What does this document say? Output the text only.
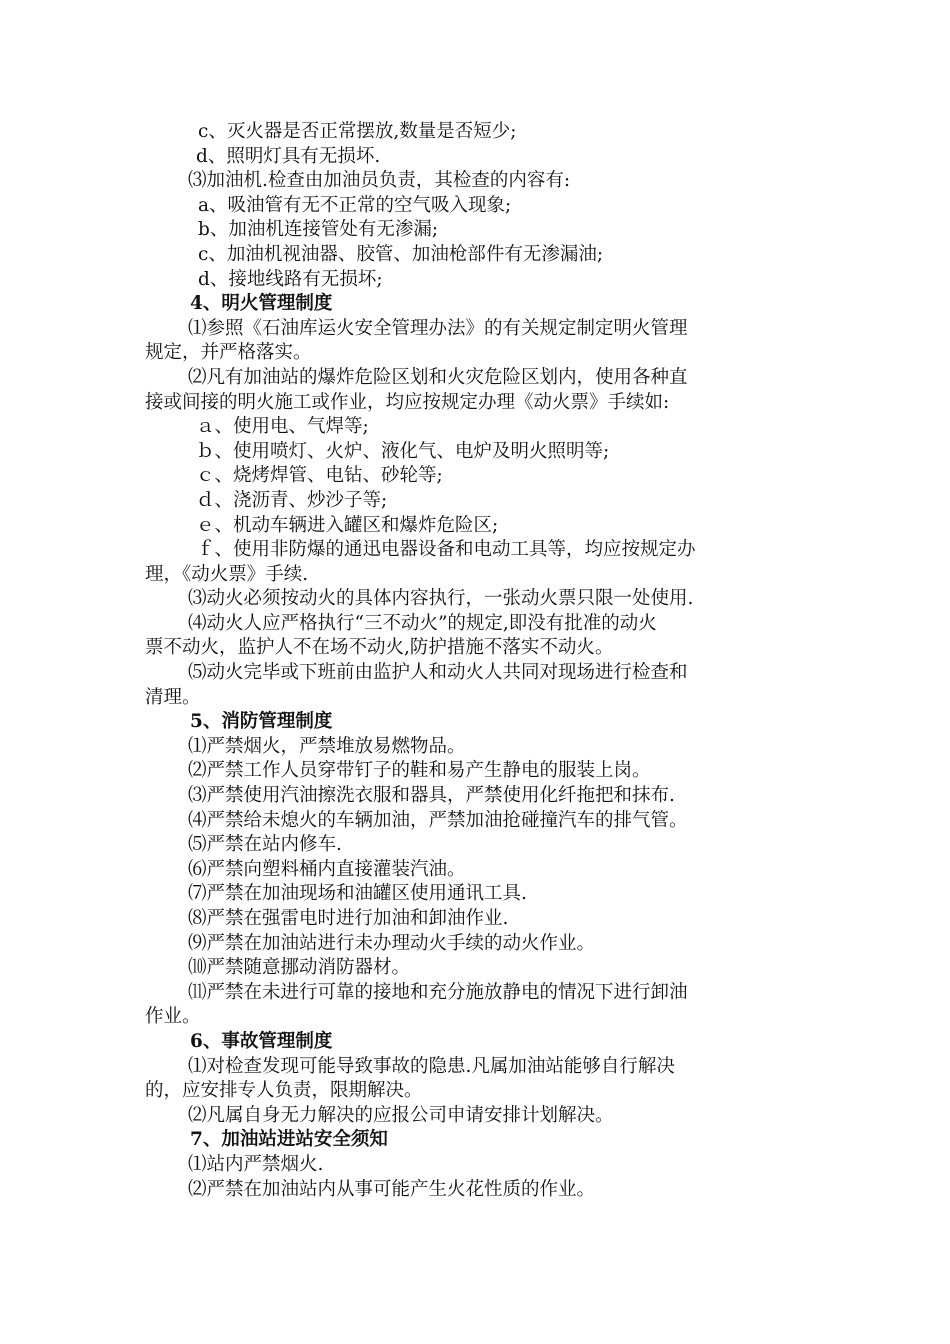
c、灭火器是否正常摆放,数量是否短少;
d、照明灯具有无损坏.
⑶加油机.检查由加油员负责，其检查的内容有:
a、吸油管有无不正常的空气吸入现象;
b、加油机连接管处有无渗漏;
c、加油机视油器、胶管、加油枪部件有无渗漏油;
d、接地线路有无损坏;
4、明火管理制度
⑴参照《石油库运火安全管理办法》的有关规定制定明火管理
规定，并严格落实。
⑵凡有加油站的爆炸危险区划和火灾危险区划内，使用各种直
接或间接的明火施工或作业，均应按规定办理《动火票》手续如:
ａ、使用电、气焊等;
ｂ、使用喷灯、火炉、液化气、电炉及明火照明等;
ｃ、烧烤焊管、电钻、砂轮等;
ｄ、浇沥青、炒沙子等;
ｅ、机动车辆进入罐区和爆炸危险区;
ｆ、使用非防爆的通迅电器设备和电动工具等，均应按规定办
理，《动火票》手续.
⑶动火必须按动火的具体内容执行，一张动火票只限一处使用.
⑷动火人应严格执行“三不动火”的规定,即没有批准的动火
票不动火，监护人不在场不动火,防护措施不落实不动火。
⑸动火完毕或下班前由监护人和动火人共同对现场进行检查和
清理。
5、消防管理制度
⑴严禁烟火，严禁堆放易燃物品。
⑵严禁工作人员穿带钉子的鞋和易产生静电的服装上岗。
⑶严禁使用汽油擦洗衣服和器具，严禁使用化纤拖把和抹布.
⑷严禁给未熄火的车辆加油，严禁加油抢碰撞汽车的排气管。
⑸严禁在站内修车.
⑹严禁向塑料桶内直接灌装汽油。
⑺严禁在加油现场和油罐区使用通讯工具.
⑻严禁在强雷电时进行加油和卸油作业.
⑼严禁在加油站进行未办理动火手续的动火作业。
⑽严禁随意挪动消防器材。
⑾严禁在未进行可靠的接地和充分施放静电的情况下进行卸油
作业。
6、事故管理制度
⑴对检查发现可能导致事故的隐患.凡属加油站能够自行解决
的，应安排专人负责，限期解决。
⑵凡属自身无力解决的应报公司申请安排计划解决。
7、加油站进站安全须知
⑴站内严禁烟火.
⑵严禁在加油站内从事可能产生火花性质的作业。
